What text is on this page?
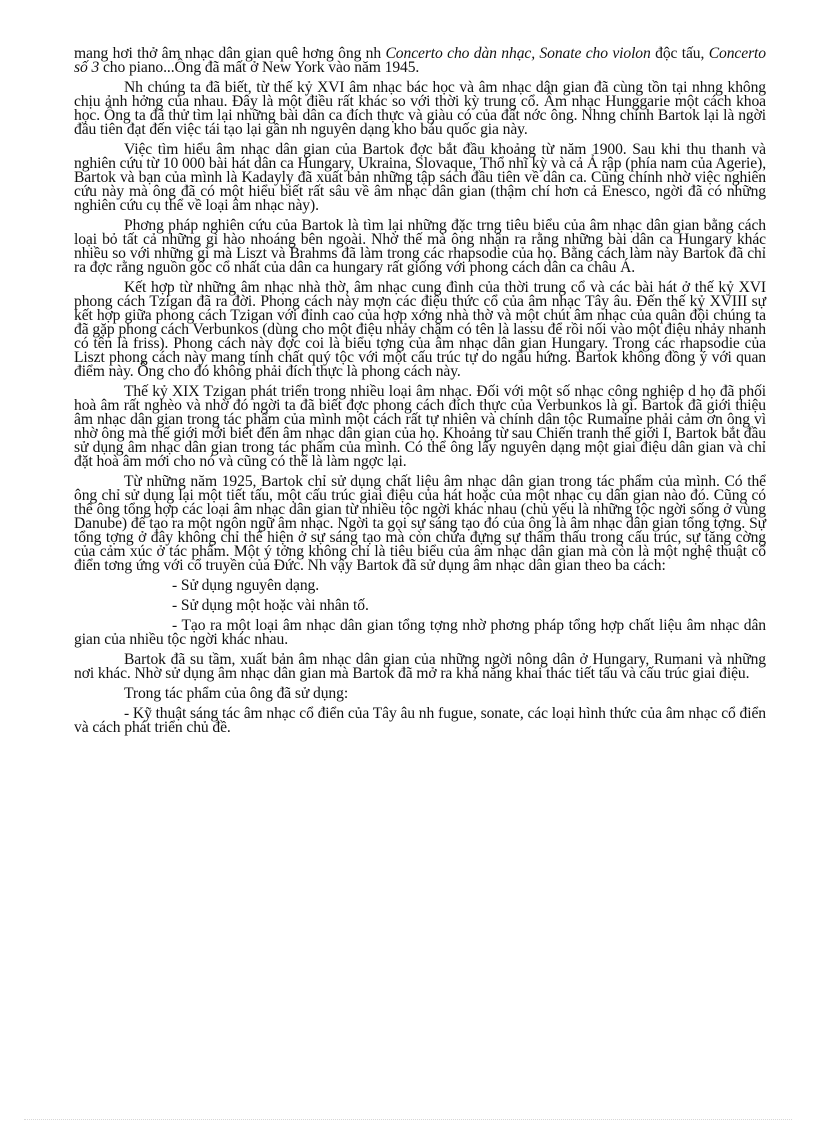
mang hơi thở âm nhạc dân gian quê hơng ông nh Concerto cho dàn nhạc, Sonate cho violon độc tấu, Concerto số 3 cho piano...Ông đã mất ở New York vào năm 1945.

Nh chúng ta đã biết, từ thế kỷ XVI âm nhạc bác học và âm nhạc dân gian đã cùng tồn tại nhng không chịu ảnh hởng của nhau. Đây là một điều rất khác so với thời kỳ trung cổ. Âm nhạc Hunggarie một cách khoa học. Ông ta đã thử tìm lại những bài dân ca đích thực và giàu có của đất nớc ông. Nhng chính Bartok lại là ngời đầu tiên đạt đến việc tái tạo lại gần nh nguyên dạng kho báu quốc gia này.

Việc tìm hiểu âm nhạc dân gian của Bartok đợc bắt đầu khoảng từ năm 1900. Sau khi thu thanh và nghiên cứu từ 10 000 bài hát dân ca Hungary, Ukraina, Slovaque, Thổ nhĩ kỳ và cả Ả rập (phía nam của Agerie), Bartok và bạn của mình là Kadayly đã xuất bản những tập sách đầu tiên về dân ca. Cũng chính nhờ việc nghiên cứu này mà ông đã có một hiểu biết rất sâu về âm nhạc dân gian (thậm chí hơn cả Enesco, ngời đã có những nghiên cứu cụ thể về loại âm nhạc này).

Phơng pháp nghiên cứu của Bartok là tìm lại những đặc trng tiêu biểu của âm nhạc dân gian bằng cách loại bỏ tất cả những gì hào nhoáng bên ngoài. Nhờ thế mà ông nhận ra rằng những bài dân ca Hungary khác nhiều so với những gì mà Liszt và Brahms đã làm trong các rhapsodie của họ. Bằng cách làm này Bartok đã chỉ ra đợc rằng nguồn gốc cổ nhất của dân ca hungary rất giống với phong cách dân ca châu Á.

Kết hợp từ những âm nhạc nhà thờ, âm nhạc cung đình của thời trung cổ và các bài hát ở thế kỷ XVI phong cách Tzigan đã ra đời. Phong cách này mợn các điệu thức cổ của âm nhạc Tây âu. Đến thế kỷ XVIII sự kết hợp giữa phong cách Tzigan với đỉnh cao của hợp xớng nhà thờ và một chút âm nhạc của quân đội chúng ta đã gặp phong cách Verbunkos (dùng cho một điệu nhảy chậm có tên là lassu để rồi nối vào một điệu nhảy nhanh có tên là friss). Phong cách này đợc coi là biểu tợng của âm nhạc dân gian Hungary. Trong các rhapsodie của Liszt phong cách này mang tính chất quý tộc với một cấu trúc tự do ngẫu hứng. Bartok không đồng ý với quan điểm này. Ông cho đó không phải đích thực là phong cách này.

Thế kỷ XIX Tzigan phát triển trong nhiều loại âm nhạc. Đối với một số nhạc công nghiệp d họ đã phối hoà âm rất nghèo và nhờ đó ngời ta đã biết đợc phong cách đích thực của Verbunkos là gì. Bartok đã giới thiệu âm nhạc dân gian trong tác phẩm của mình một cách rất tự nhiên và chính dân tộc Rumaine phải cảm ơn ông vì nhờ ông mà thế giới mới biết đến âm nhạc dân gian của họ. Khoảng từ sau Chiến tranh thế giới I, Bartok bắt đầu sử dụng âm nhạc dân gian trong tác phẩm của mình. Có thể ông lấy nguyên dạng một giai điệu dân gian và chỉ đặt hoà âm mới cho nó và cũng có thể là làm ngợc lại.

Từ những năm 1925, Bartok chỉ sử dụng chất liệu âm nhạc dân gian trong tác phẩm của mình. Có thể ông chỉ sử dụng lại một tiết tấu, một cấu trúc giai điệu của hát hoặc của một nhạc cụ dân gian nào đó. Cũng có thể ông tổng hợp các loại âm nhạc dân gian từ nhiều tộc ngời khác nhau (chủ yếu là những tộc ngời sống ở vùng Danube) để tạo ra một ngôn ngữ âm nhạc. Ngời ta gọi sự sáng tạo đó của ông là âm nhạc dân gian tổng tợng. Sự tổng tợng ở đây không chỉ thể hiện ở sự sáng tạo mà còn chứa đựng sự thẩm thấu trong cấu trúc, sự tăng cờng của cảm xúc ở tác phẩm. Một ý tởng không chỉ là tiêu biểu của âm nhạc dân gian mà còn là một nghệ thuật cổ điển tơng ứng với cổ truyền của Đức. Nh vậy Bartok đã sử dụng âm nhạc dân gian theo ba cách:

- Sử dụng nguyên dạng.

- Sử dụng một hoặc vài nhân tố.

- Tạo ra một loại âm nhạc dân gian tổng tợng nhờ phơng pháp tổng hợp chất liệu âm nhạc dân gian của nhiều tộc ngời khác nhau.

Bartok đã su tầm, xuất bản âm nhạc dân gian của những ngời nông dân ở Hungary, Rumani và những nơi khác. Nhờ sử dụng âm nhạc dân gian mà Bartok đã mở ra khả năng khai thác tiết tấu và cấu trúc giai điệu.

Trong tác phẩm của ông đã sử dụng:

- Kỹ thuật sáng tác âm nhạc cổ điển của Tây âu nh fugue, sonate, các loại hình thức của âm nhạc cổ điển và cách phát triển chủ đề.
